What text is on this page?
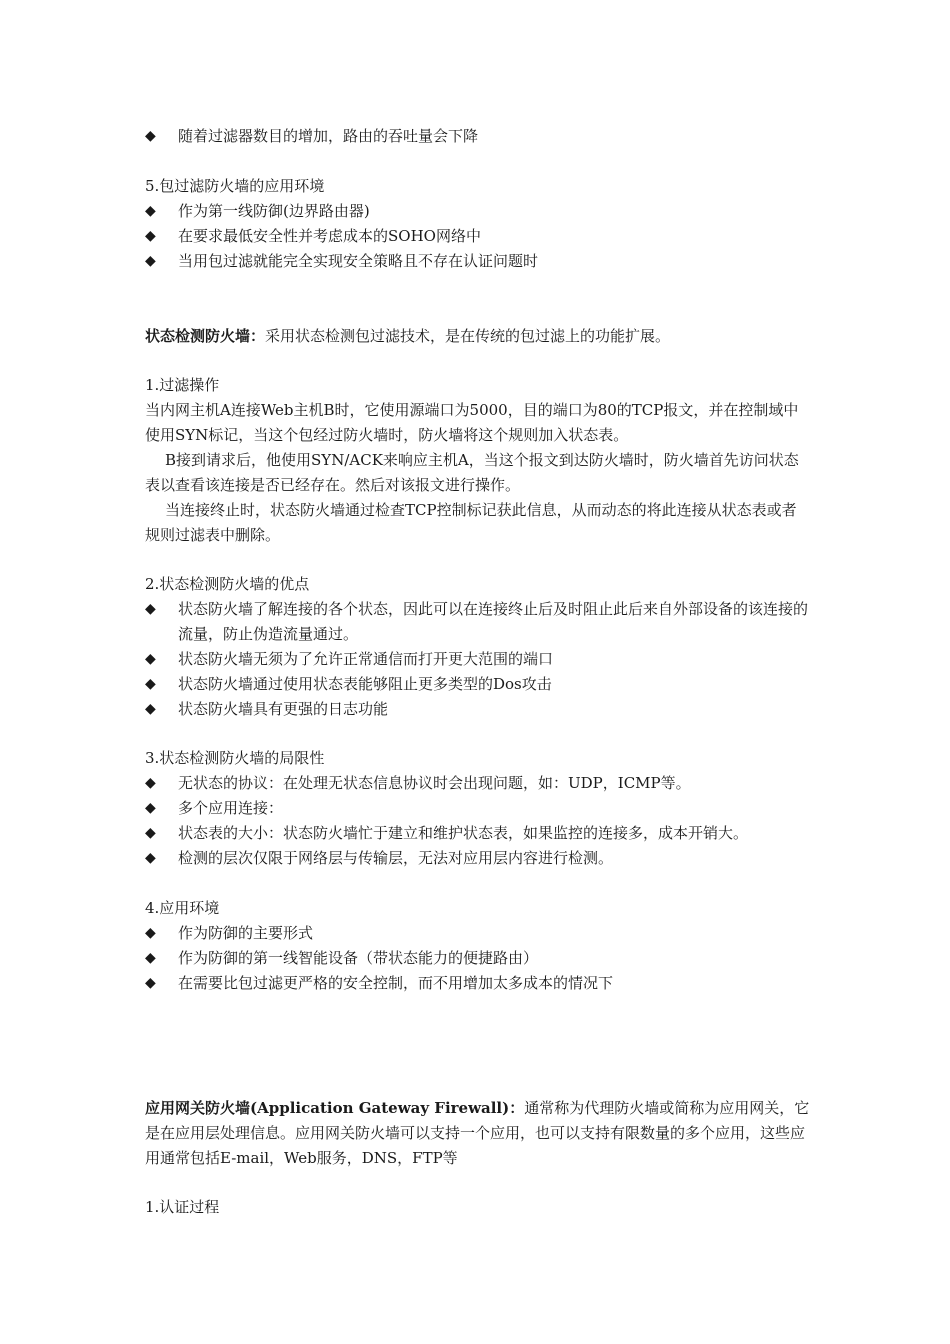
◆	随着过滤器数目的增加，路由的吞吐量会下降

5.包过滤防火墙的应用环境

◆	作为第一线防御(边界路由器)
◆	在要求最低安全性并考虑成本的SOHO网络中
◆	当用包过滤就能完全实现安全策略且不存在认证问题时

状态检测防火墙：采用状态检测包过滤技术，是在传统的包过滤上的功能扩展。

1.过滤操作

当内网主机A连接Web主机B时，它使用源端口为5000，目的端口为80的TCP报文，并在控制域中使用SYN标记，当这个包经过防火墙时，防火墙将这个规则加入状态表。

B接到请求后，他使用SYN/ACK来响应主机A，当这个报文到达防火墙时，防火墙首先访问状态表以查看该连接是否已经存在。然后对该报文进行操作。

当连接终止时，状态防火墙通过检查TCP控制标记获此信息，从而动态的将此连接从状态表或者规则过滤表中删除。

2.状态检测防火墙的优点

◆	状态防火墙了解连接的各个状态，因此可以在连接终止后及时阻止此后来自外部设备的该连接的流量，防止伪造流量通过。
◆	状态防火墙无须为了允许正常通信而打开更大范围的端口
◆	状态防火墙通过使用状态表能够阻止更多类型的Dos攻击
◆	状态防火墙具有更强的日志功能

3.状态检测防火墙的局限性

◆	无状态的协议：在处理无状态信息协议时会出现问题，如：UDP，ICMP等。
◆	多个应用连接：
◆	状态表的大小：状态防火墙忙于建立和维护状态表，如果监控的连接多，成本开销大。
◆	检测的层次仅限于网络层与传输层，无法对应用层内容进行检测。

4.应用环境

◆	作为防御的主要形式
◆	作为防御的第一线智能设备（带状态能力的便捷路由）
◆	在需要比包过滤更严格的安全控制，而不用增加太多成本的情况下

应用网关防火墙(Application Gateway Firewall)：通常称为代理防火墙或简称为应用网关，它是在应用层处理信息。应用网关防火墙可以支持一个应用，也可以支持有限数量的多个应用，这些应用通常包括E-mail，Web服务，DNS，FTP等

1.认证过程
